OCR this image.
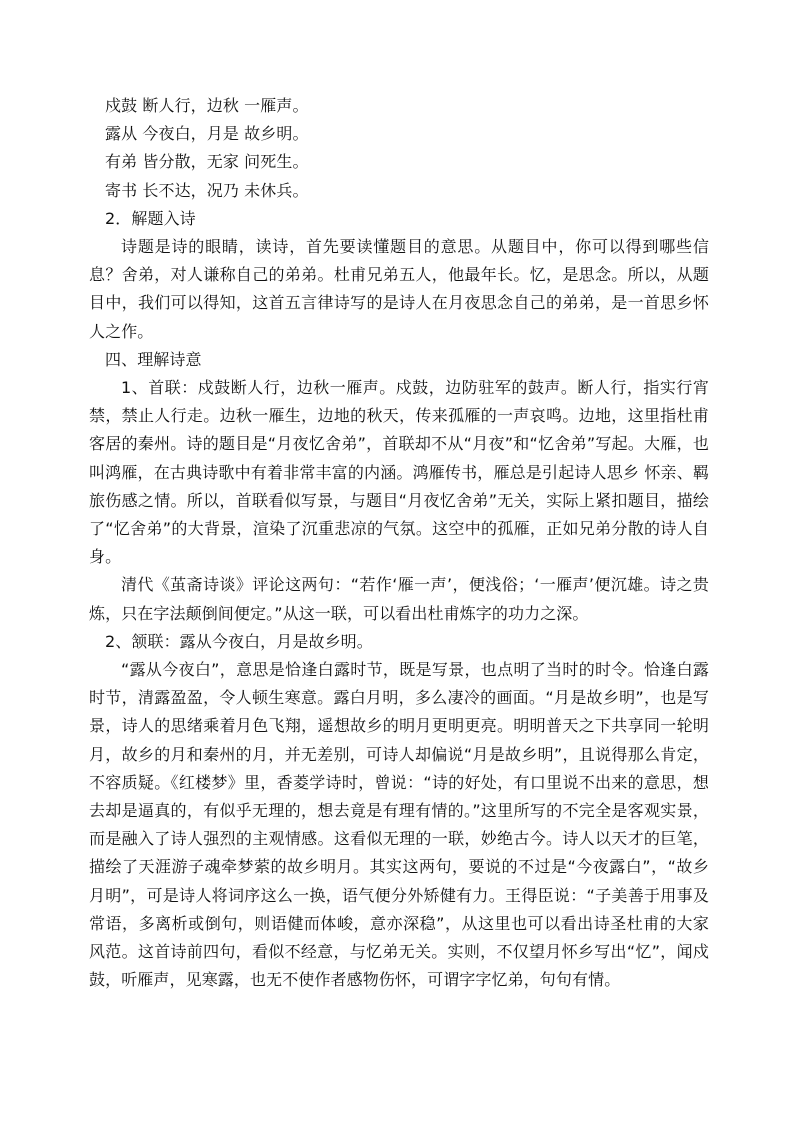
戍鼓 断人行，边秋 一雁声。

露从 今夜白，月是 故乡明。

有弟 皆分散，无家 问死生。

寄书 长不达，况乃 未休兵。

2．解题入诗

诗题是诗的眼睛，读诗，首先要读懂题目的意思。从题目中，你可以得到哪些信息？舍弟，对人谦称自己的弟弟。杜甫兄弟五人，他最年长。忆，是思念。所以，从题目中，我们可以得知，这首五言律诗写的是诗人在月夜思念自己的弟弟，是一首思乡怀人之作。

四、理解诗意

1、首联：戍鼓断人行，边秋一雁声。戍鼓，边防驻军的鼓声。断人行，指实行宵禁，禁止人行走。边秋一雁生，边地的秋天，传来孤雁的一声哀鸣。边地，这里指杜甫客居的秦州。诗的题目是“月夜忆舍弟”，首联却不从“月夜”和“忆舍弟”写起。大雁，也叫鸿雁，在古典诗歌中有着非常丰富的内涵。鸿雁传书，雁总是引起诗人思乡 怀亲、羁旅伤感之情。所以，首联看似写景，与题目“月夜忆舍弟”无关，实际上紧扣题目，描绘了“忆舍弟”的大背景，渲染了沉重悲凉的气氛。这空中的孤雁，正如兄弟分散的诗人自身。

清代《茧斋诗谈》评论这两句：“若作‘雁一声’，便浅俗；‘一雁声’便沉雄。诗之贵炼，只在字法颠倒间便定。”从这一联，可以看出杜甫炼字的功力之深。

2、颔联：露从今夜白，月是故乡明。

“露从今夜白”，意思是恰逢白露时节，既是写景，也点明了当时的时令。恰逢白露时节，清露盈盈，令人顿生寒意。露白月明，多么凄冷的画面。“月是故乡明”，也是写景，诗人的思绪乘着月色飞翔，遥想故乡的明月更明更亮。明明普天之下共享同一轮明月，故乡的月和秦州的月，并无差别，可诗人却偏说“月是故乡明”，且说得那么肯定，不容质疑。《红楼梦》里，香菱学诗时，曾说：“诗的好处，有口里说不出来的意思，想去却是逼真的，有似乎无理的，想去竟是有理有情的。”这里所写的不完全是客观实景，而是融入了诗人强烈的主观情感。这看似无理的一联，妙绝古今。诗人以天才的巨笔，描绘了天涯游子魂牵梦萦的故乡明月。其实这两句，要说的不过是“今夜露白”，“故乡月明”，可是诗人将词序这么一换，语气便分外矫健有力。王得臣说：“子美善于用事及常语，多离析或倒句，则语健而体峻，意亦深稳”，从这里也可以看出诗圣杜甫的大家风范。这首诗前四句，看似不经意，与忆弟无关。实则，不仅望月怀乡写出“忆”，闻戍鼓，听雁声，见寒露，也无不使作者感物伤怀，可谓字字忆弟，句句有情。
